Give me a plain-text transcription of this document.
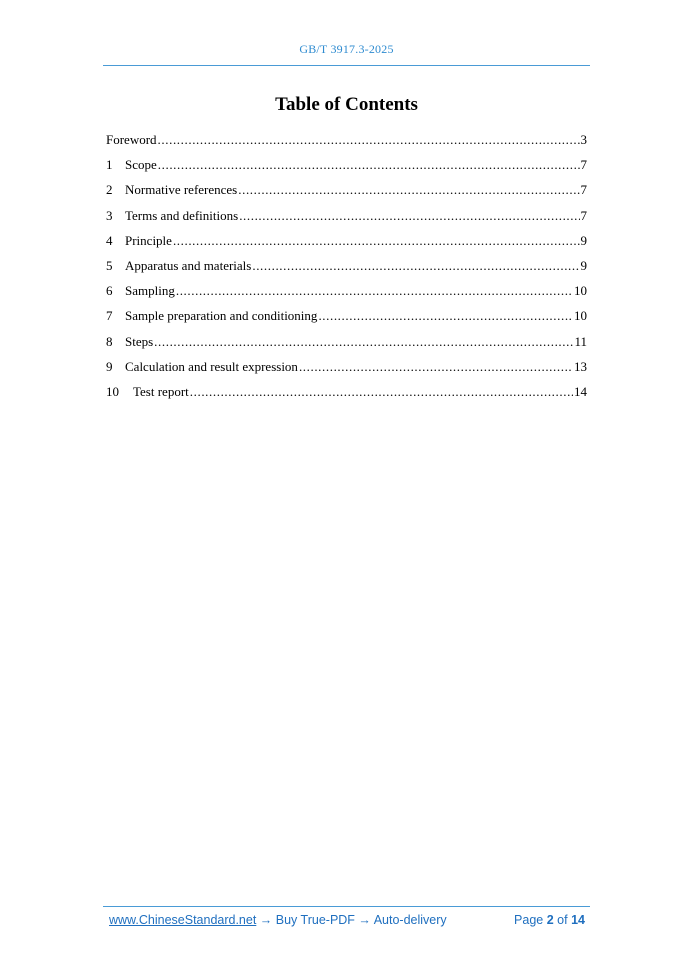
GB/T 3917.3-2025
Table of Contents
Foreword .....	3
1 Scope .....	7
2 Normative references .....	7
3 Terms and definitions .....	7
4 Principle .....	9
5 Apparatus and materials .....	9
6 Sampling .....	10
7 Sample preparation and conditioning .....	10
8 Steps .....	11
9 Calculation and result expression .....	13
10	Test report .....	14
www.ChineseStandard.net → Buy True-PDF → Auto-delivery	Page 2 of 14
